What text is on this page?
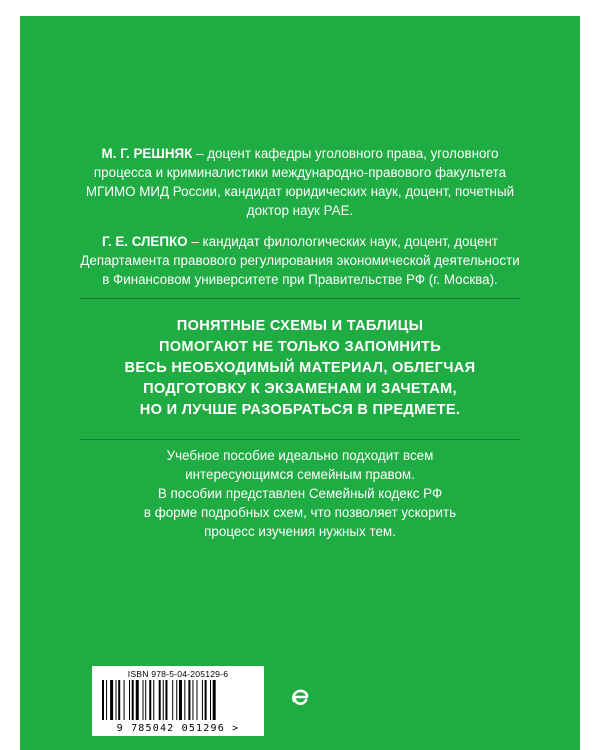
М. Г. РЕШНЯК – доцент кафедры уголовного права, уголовного процесса и криминалистики международно-правового факультета МГИМО МИД России, кандидат юридических наук, доцент, почетный доктор наук РАЕ.

Г. Е. СЛЕПКО – кандидат филологических наук, доцент, доцент Департамента правового регулирования экономической деятельности в Финансовом университете при Правительстве РФ (г. Москва).

ПОНЯТНЫЕ СХЕМЫ И ТАБЛИЦЫ
ПОМОГАЮТ НЕ ТОЛЬКО ЗАПОМНИТЬ
ВЕСЬ НЕОБХОДИМЫЙ МАТЕРИАЛ, ОБЛЕГЧАЯ
ПОДГОТОВКУ К ЭКЗАМЕНАМ И ЗАЧЕТАМ,
НО И ЛУЧШЕ РАЗОБРАТЬСЯ В ПРЕДМЕТЕ.
Учебное пособие идеально подходит всем
интересующимся семейным правом.
В пособии представлен Семейный кодекс РФ
в форме подробных схем, что позволяет ускорить
процесс изучения нужных тем.
ISBN 978-5-04-205129-6
9 785042 051296 >
